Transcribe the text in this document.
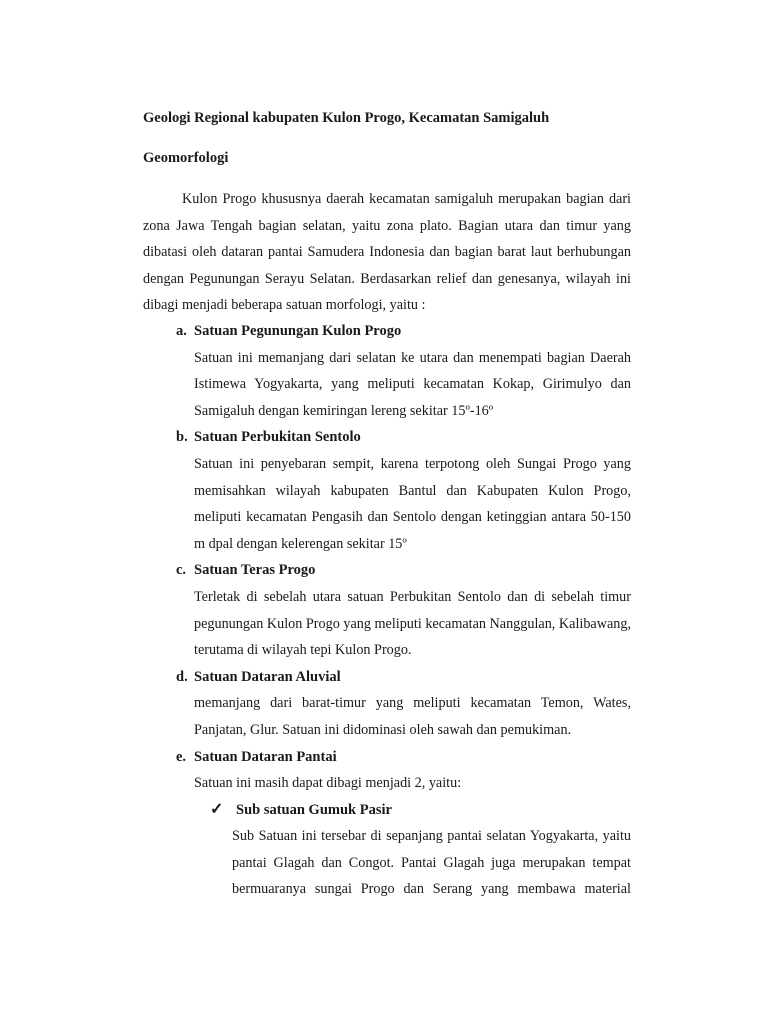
Geologi Regional kabupaten Kulon Progo, Kecamatan Samigaluh
Geomorfologi
Kulon Progo khususnya daerah kecamatan samigaluh merupakan bagian dari
zona Jawa Tengah bagian selatan, yaitu zona plato. Bagian utara dan timur yang
dibatasi oleh dataran pantai Samudera Indonesia dan bagian barat laut berhubungan
dengan Pegunungan Serayu Selatan. Berdasarkan relief dan genesanya, wilayah ini
dibagi menjadi beberapa satuan morfologi, yaitu :
a. Satuan Pegunungan Kulon Progo
Satuan ini memanjang dari selatan ke utara dan menempati bagian Daerah
Istimewa Yogyakarta, yang meliputi kecamatan Kokap, Girimulyo dan
Samigaluh dengan kemiringan lereng sekitar 15º-16º
b. Satuan Perbukitan Sentolo
Satuan ini penyebaran sempit, karena terpotong oleh Sungai Progo yang
memisahkan wilayah kabupaten Bantul dan Kabupaten Kulon Progo,
meliputi kecamatan Pengasih dan Sentolo dengan ketinggian antara 50-150
m dpal dengan kelerengan sekitar 15º
c. Satuan Teras Progo
Terletak di sebelah utara satuan Perbukitan Sentolo dan di sebelah timur
pegunungan Kulon Progo yang meliputi kecamatan Nanggulan, Kalibawang,
terutama di wilayah tepi Kulon Progo.
d. Satuan Dataran Aluvial
memanjang dari barat-timur yang meliputi kecamatan Temon, Wates,
Panjatan, Glur. Satuan ini didominasi oleh sawah dan pemukiman.
e. Satuan Dataran Pantai
Satuan ini masih dapat dibagi menjadi 2, yaitu:
✓ Sub satuan Gumuk Pasir
Sub Satuan ini tersebar di sepanjang pantai selatan Yogyakarta, yaitu
pantai Glagah dan Congot. Pantai Glagah juga merupakan tempat
bermuaranya sungai Progo dan Serang yang membawa material
